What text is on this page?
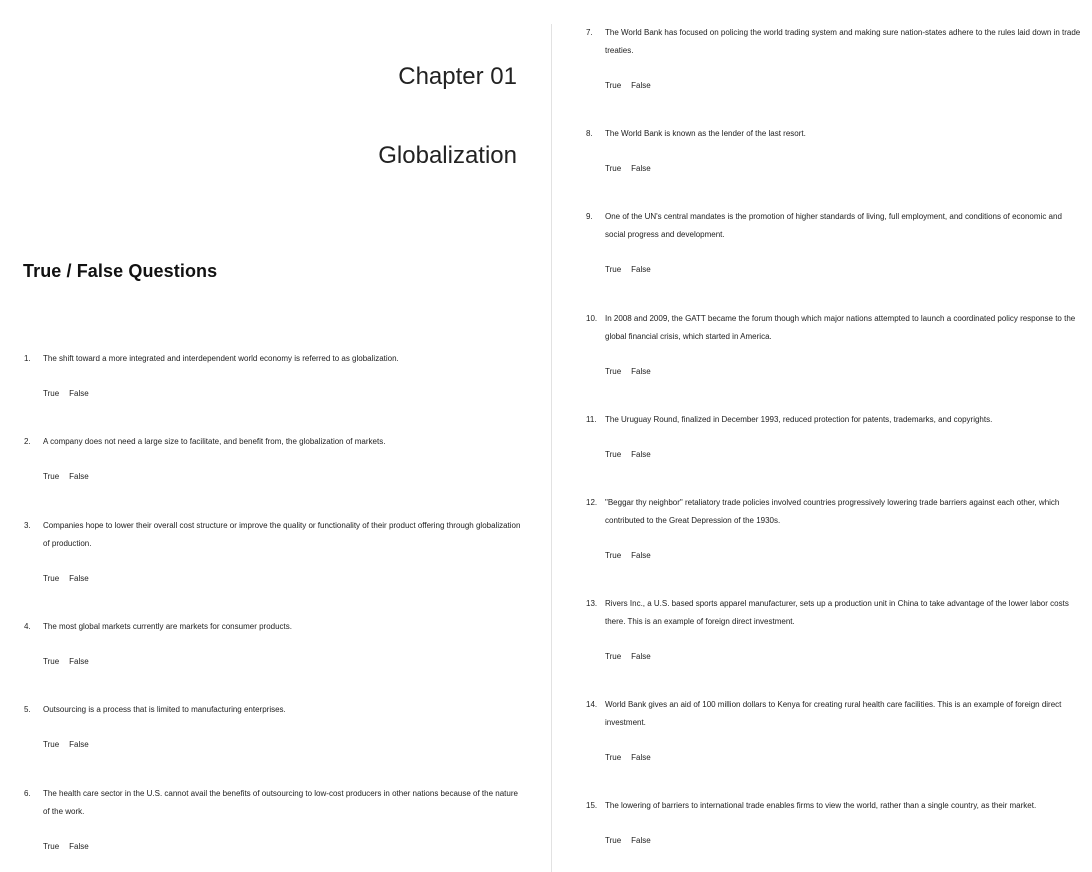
Chapter 01
Globalization
True / False Questions
1. The shift toward a more integrated and interdependent world economy is referred to as globalization.
True False
2. A company does not need a large size to facilitate, and benefit from, the globalization of markets.
True False
3. Companies hope to lower their overall cost structure or improve the quality or functionality of their product offering through globalization of production.
True False
4. The most global markets currently are markets for consumer products.
True False
5. Outsourcing is a process that is limited to manufacturing enterprises.
True False
6. The health care sector in the U.S. cannot avail the benefits of outsourcing to low-cost producers in other nations because of the nature of the work.
True False
7. The World Bank has focused on policing the world trading system and making sure nation-states adhere to the rules laid down in trade treaties.
True False
8. The World Bank is known as the lender of the last resort.
True False
9. One of the UN's central mandates is the promotion of higher standards of living, full employment, and conditions of economic and social progress and development.
True False
10. In 2008 and 2009, the GATT became the forum though which major nations attempted to launch a coordinated policy response to the global financial crisis, which started in America.
True False
11. The Uruguay Round, finalized in December 1993, reduced protection for patents, trademarks, and copyrights.
True False
12. "Beggar thy neighbor" retaliatory trade policies involved countries progressively lowering trade barriers against each other, which contributed to the Great Depression of the 1930s.
True False
13. Rivers Inc., a U.S. based sports apparel manufacturer, sets up a production unit in China to take advantage of the lower labor costs there. This is an example of foreign direct investment.
True False
14. World Bank gives an aid of 100 million dollars to Kenya for creating rural health care facilities. This is an example of foreign direct investment.
True False
15. The lowering of barriers to international trade enables firms to view the world, rather than a single country, as their market.
True False
